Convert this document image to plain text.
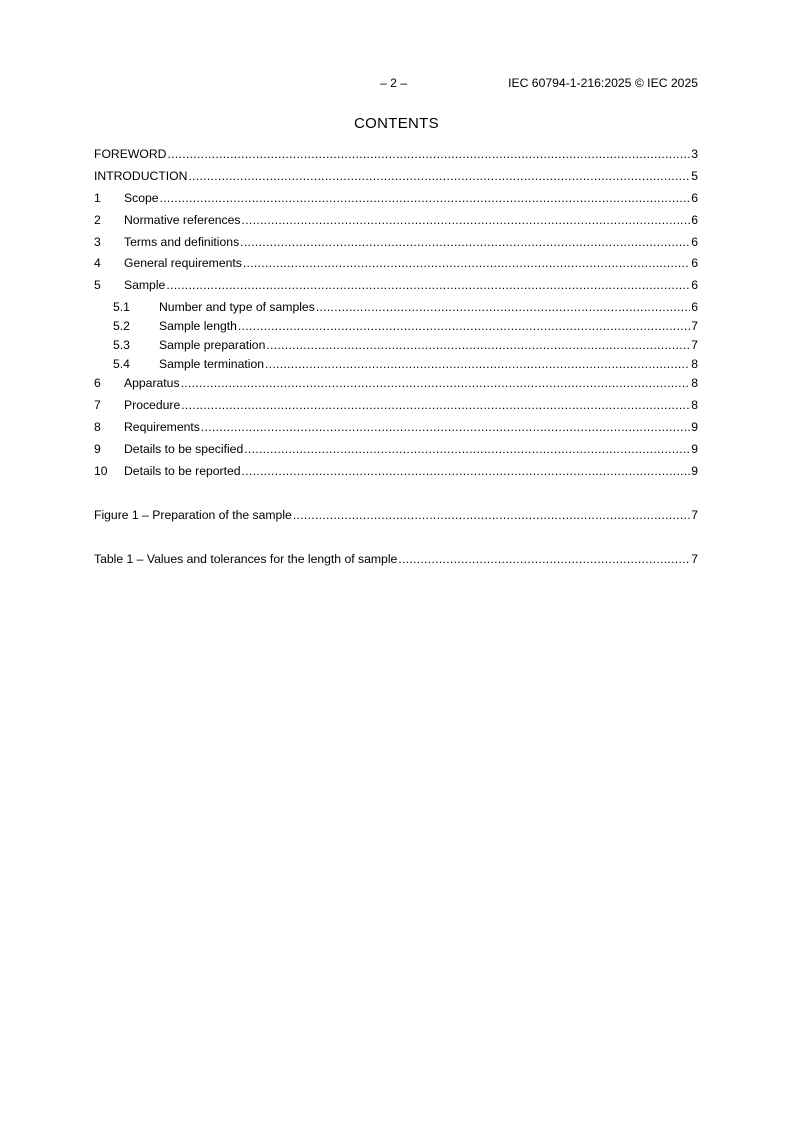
– 2 –	IEC 60794-1-216:2025 © IEC 2025
CONTENTS
FOREWORD .....	3
INTRODUCTION .....	5
1	Scope .....	6
2	Normative references .....	6
3	Terms and definitions .....	6
4	General requirements .....	6
5	Sample .....	6
5.1	Number and type of samples .....	6
5.2	Sample length .....	7
5.3	Sample preparation .....	7
5.4	Sample termination .....	8
6	Apparatus .....	8
7	Procedure .....	8
8	Requirements .....	9
9	Details to be specified .....	9
10	Details to be reported .....	9
Figure 1 – Preparation of the sample .....	7
Table 1 – Values and tolerances for the length of sample .....	7
